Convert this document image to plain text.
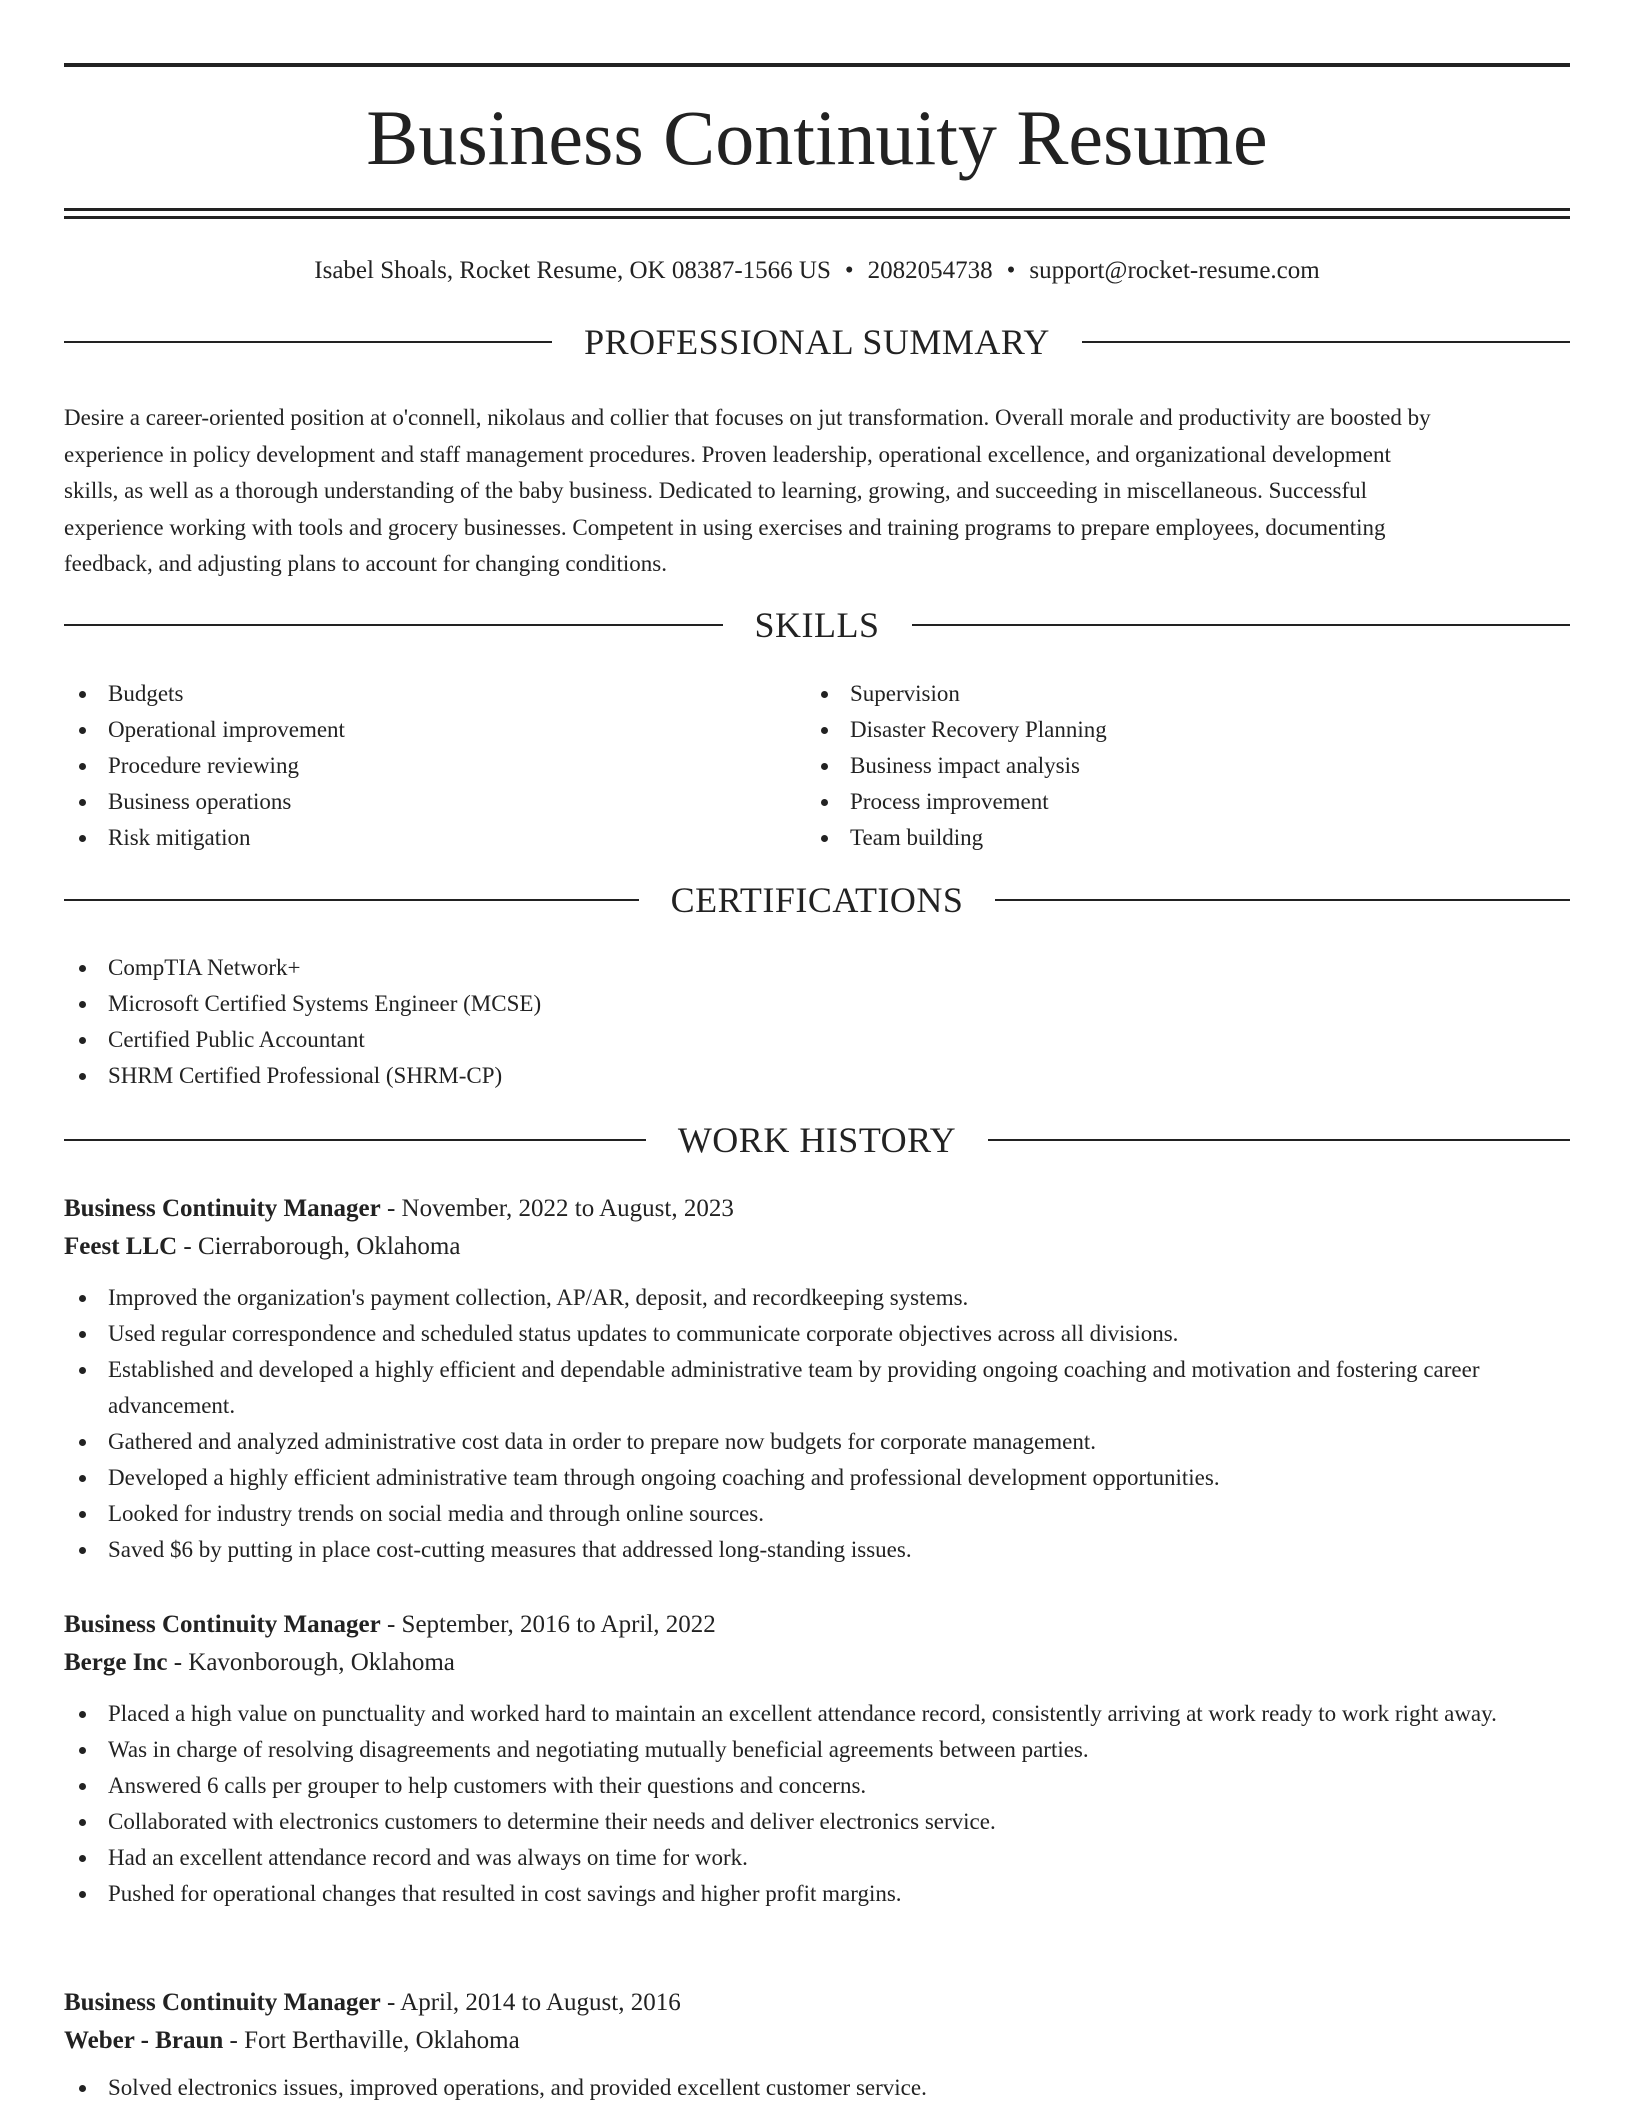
Business Continuity Resume
Isabel Shoals, Rocket Resume, OK 08387-1566 US • 2082054738 • support@rocket-resume.com
PROFESSIONAL SUMMARY
Desire a career-oriented position at o'connell, nikolaus and collier that focuses on jut transformation. Overall morale and productivity are boosted by
experience in policy development and staff management procedures. Proven leadership, operational excellence, and organizational development
skills, as well as a thorough understanding of the baby business. Dedicated to learning, growing, and succeeding in miscellaneous. Successful
experience working with tools and grocery businesses. Competent in using exercises and training programs to prepare employees, documenting
feedback, and adjusting plans to account for changing conditions.
SKILLS
Budgets
Operational improvement
Procedure reviewing
Business operations
Risk mitigation
Supervision
Disaster Recovery Planning
Business impact analysis
Process improvement
Team building
CERTIFICATIONS
CompTIA Network+
Microsoft Certified Systems Engineer (MCSE)
Certified Public Accountant
SHRM Certified Professional (SHRM-CP)
WORK HISTORY
Business Continuity Manager - November, 2022 to August, 2023
Feest LLC - Cierraborough, Oklahoma
Improved the organization's payment collection, AP/AR, deposit, and recordkeeping systems.
Used regular correspondence and scheduled status updates to communicate corporate objectives across all divisions.
Established and developed a highly efficient and dependable administrative team by providing ongoing coaching and motivation and fostering career advancement.
Gathered and analyzed administrative cost data in order to prepare now budgets for corporate management.
Developed a highly efficient administrative team through ongoing coaching and professional development opportunities.
Looked for industry trends on social media and through online sources.
Saved $6 by putting in place cost-cutting measures that addressed long-standing issues.
Business Continuity Manager - September, 2016 to April, 2022
Berge Inc - Kavonborough, Oklahoma
Placed a high value on punctuality and worked hard to maintain an excellent attendance record, consistently arriving at work ready to work right away.
Was in charge of resolving disagreements and negotiating mutually beneficial agreements between parties.
Answered 6 calls per grouper to help customers with their questions and concerns.
Collaborated with electronics customers to determine their needs and deliver electronics service.
Had an excellent attendance record and was always on time for work.
Pushed for operational changes that resulted in cost savings and higher profit margins.
Business Continuity Manager - April, 2014 to August, 2016
Weber - Braun - Fort Berthaville, Oklahoma
Solved electronics issues, improved operations, and provided excellent customer service.
